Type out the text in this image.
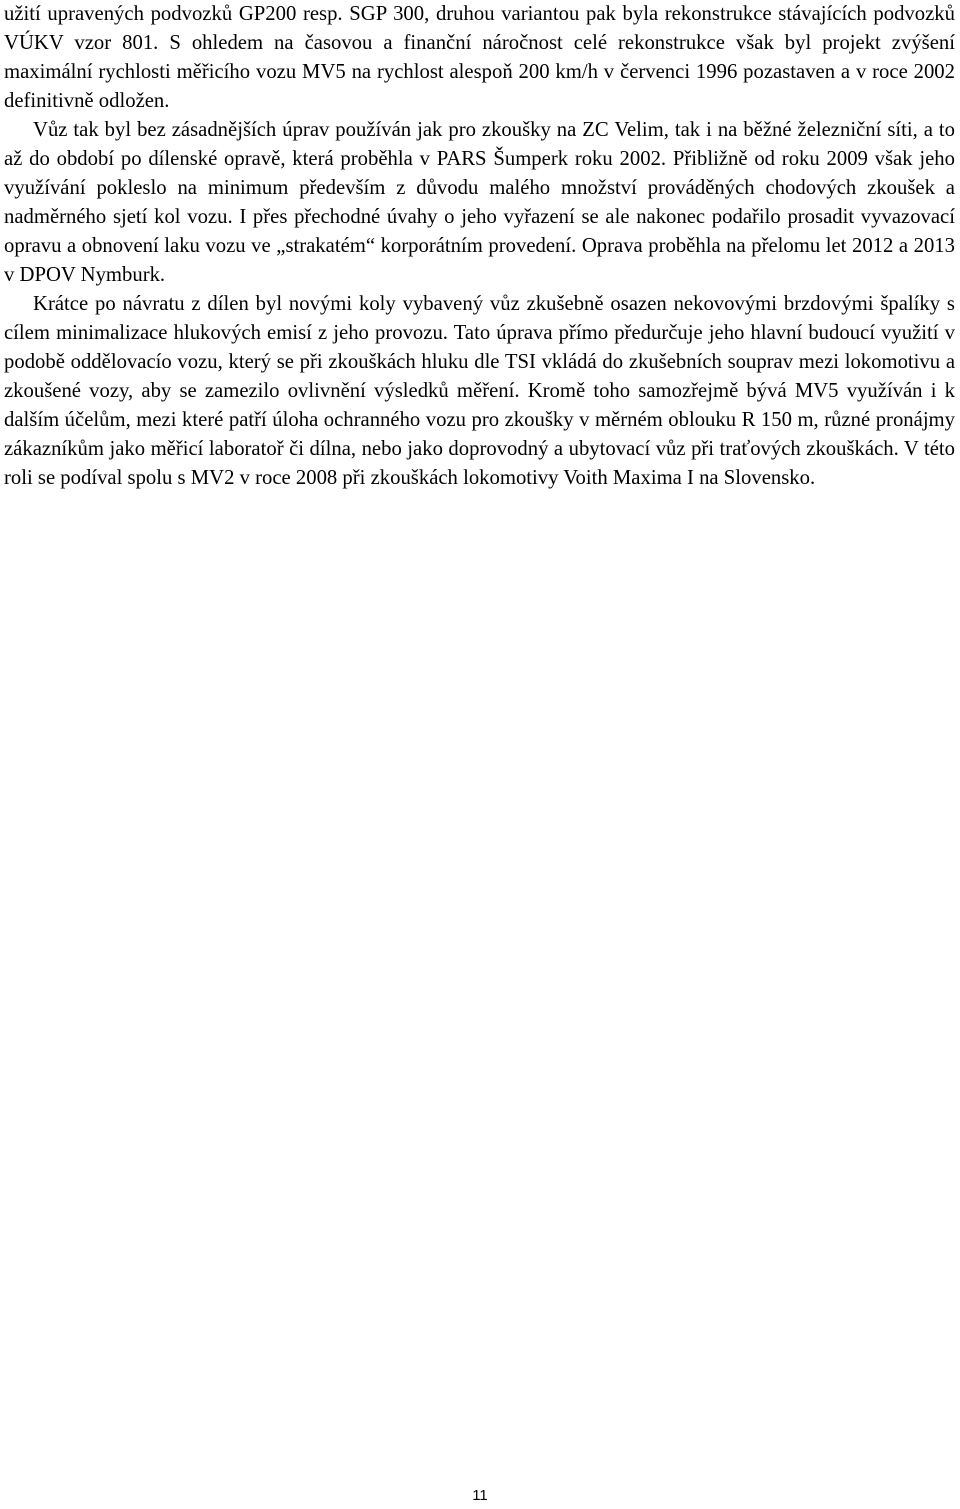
užití upravených podvozků GP200 resp. SGP 300, druhou variantou pak byla rekonstrukce stávajících podvozků VÚKV vzor 801. S ohledem na časovou a finanční náročnost celé rekonstrukce však byl projekt zvýšení maximální rychlosti měřicího vozu MV5 na rychlost alespoň 200 km/h v červenci 1996 pozastaven a v roce 2002 definitivně odložen.

Vůz tak byl bez zásadnějších úprav používán jak pro zkoušky na ZC Velim, tak i na běžné železniční síti, a to až do období po dílenské opravě, která proběhla v PARS Šumperk roku 2002. Přibližně od roku 2009 však jeho využívání pokleslo na minimum především z důvodu malého množství prováděných chodových zkoušek a nadměrného sjetí kol vozu. I přes přechodné úvahy o jeho vyřazení se ale nakonec podařilo prosadit vyvazovací opravu a obnovení laku vozu ve „strakatém“ korporátním provedení. Oprava proběhla na přelomu let 2012 a 2013 v DPOV Nymburk.

Krátce po návratu z dílen byl novými koly vybavený vůz zkušebně osazen nekovovými brzdovými špalíky s cílem minimalizace hlukových emisí z jeho provozu. Tato úprava přímo předurčuje jeho hlavní budoucí využití v podobě oddělovacío vozu, který se při zkouškách hluku dle TSI vkládá do zkušebních souprav mezi lokomotivu a zkoušené vozy, aby se zamezilo ovlivnění výsledků měření. Kromě toho samozřejmě bývá MV5 využíván i k dalším účelům, mezi které patří úloha ochranného vozu pro zkoušky v měrném oblouku R 150 m, různé pronájmy zákazníkům jako měřicí laboratoř či dílna, nebo jako doprovodný a ubytovací vůz při traťových zkouškách. V této roli se podíval spolu s MV2 v roce 2008 při zkouškách lokomotivy Voith Maxima I na Slovensko.

11
